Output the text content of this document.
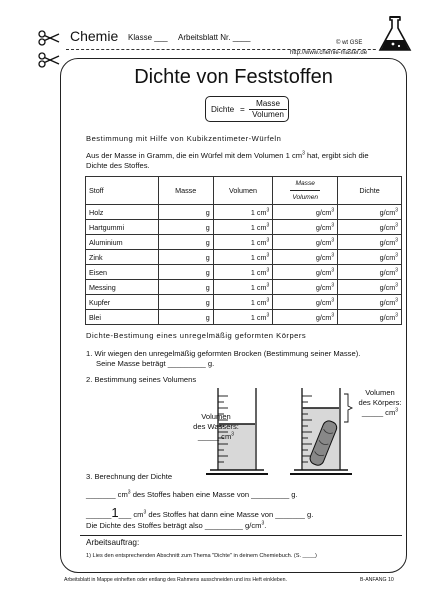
Chemie Klasse ___ Arbeitsblatt Nr. ____
© wt GSE
http://www.chemie-master.de
Dichte von Feststoffen
Dichte =
Masse
Volumen
Bestimmung mit Hilfe von Kubikzentimeter-Würfeln
Aus der Masse in Gramm, die ein Würfel mit dem Volumen 1 $cm^3$ hat, ergibt sich die
Dichte des Stoffes.
Stoff	Masse	Volumen	$\frac{\text{Masse}}{\text{Volumen}}$	Dichte
Holz	g	1 $cm^3$	$g/cm^3$	$g/cm^3$
Hartgummi	g	1 $cm^3$	$g/cm^3$	$g/cm^3$
Aluminium	g	1 $cm^3$	$g/cm^3$	$g/cm^3$
Zink	g	1 $cm^3$	$g/cm^3$	$g/cm^3$
Eisen	g	1 $cm^3$	$g/cm^3$	$g/cm^3$
Messing	g	1 $cm^3$	$g/cm^3$	$g/cm^3$
Kupfer	g	1 $cm^3$	$g/cm^3$	$g/cm^3$
Blei	g	1 $cm^3$	$g/cm^3$	$g/cm^3$
Dichte-Bestimung eines unregelmäßig geformten Körpers
1. Wir wiegen den unregelmäßig geformten Brocken (Bestimmung seiner Masse).
Seine Masse beträgt _________ g.
2. Bestimmung seines Volumens
Volumen
des Wassers:
_____ $cm^3$
Volumen
des Körpers:
_____ $cm^3$
3. Berechnung der Dichte
_______ $cm^3$ des Stoffes haben eine Masse von _________ g.
______1___ $cm^3$ des Stoffes hat dann eine Masse von _______ g.
Die Dichte des Stoffes beträgt also _________ $g/cm^3$.
Arbeitsauftrag:
1) Lies den entsprechenden Abschnitt zum Thema "Dichte" in deinem Chemiebuch. (S. ____)
Arbeitsblatt in Mappe einheften oder entlang des Rahmens ausschneiden und ins Heft einkleben.	B-ANFANG 10
